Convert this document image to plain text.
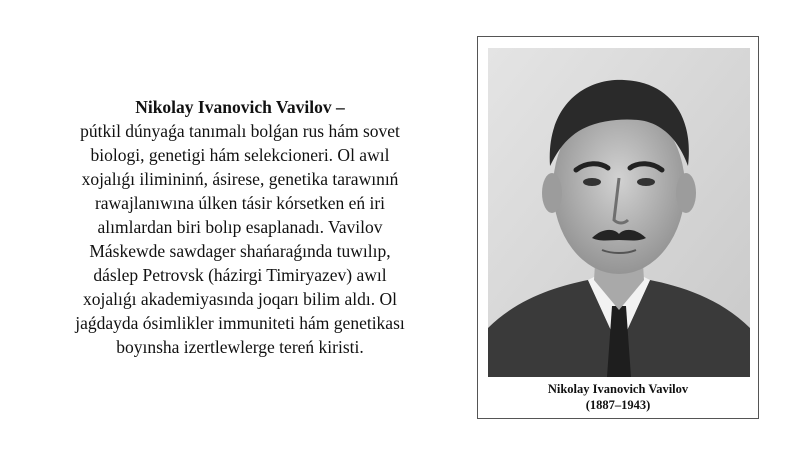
Nikolay Ivanovich Vavilov –
pútkil dúnyaǵa tanımalı bolǵan rus hám sovet
biologi, genetigi hám selekcioneri. Ol awıl
xojalıǵı ilimininń, ásirese, genetika tarawınıń
rawajlanıwına úlken tásir kórsetken eń iri
alımlardan biri bolıp esaplanadı. Vavilov
Máskewde sawdager shańaraǵında tuwılıp,
dáslep Petrovsk (házirgi Timiryazev) awıl
xojalıǵı akademiyasında joqarı bilim aldı. Ol
jaǵdayda ósimlikler immuniteti hám genetikası
boyınsha izertlewlerge tereń kiristi.
Nikolay Ivanovich Vavilov
(1887–1943)
